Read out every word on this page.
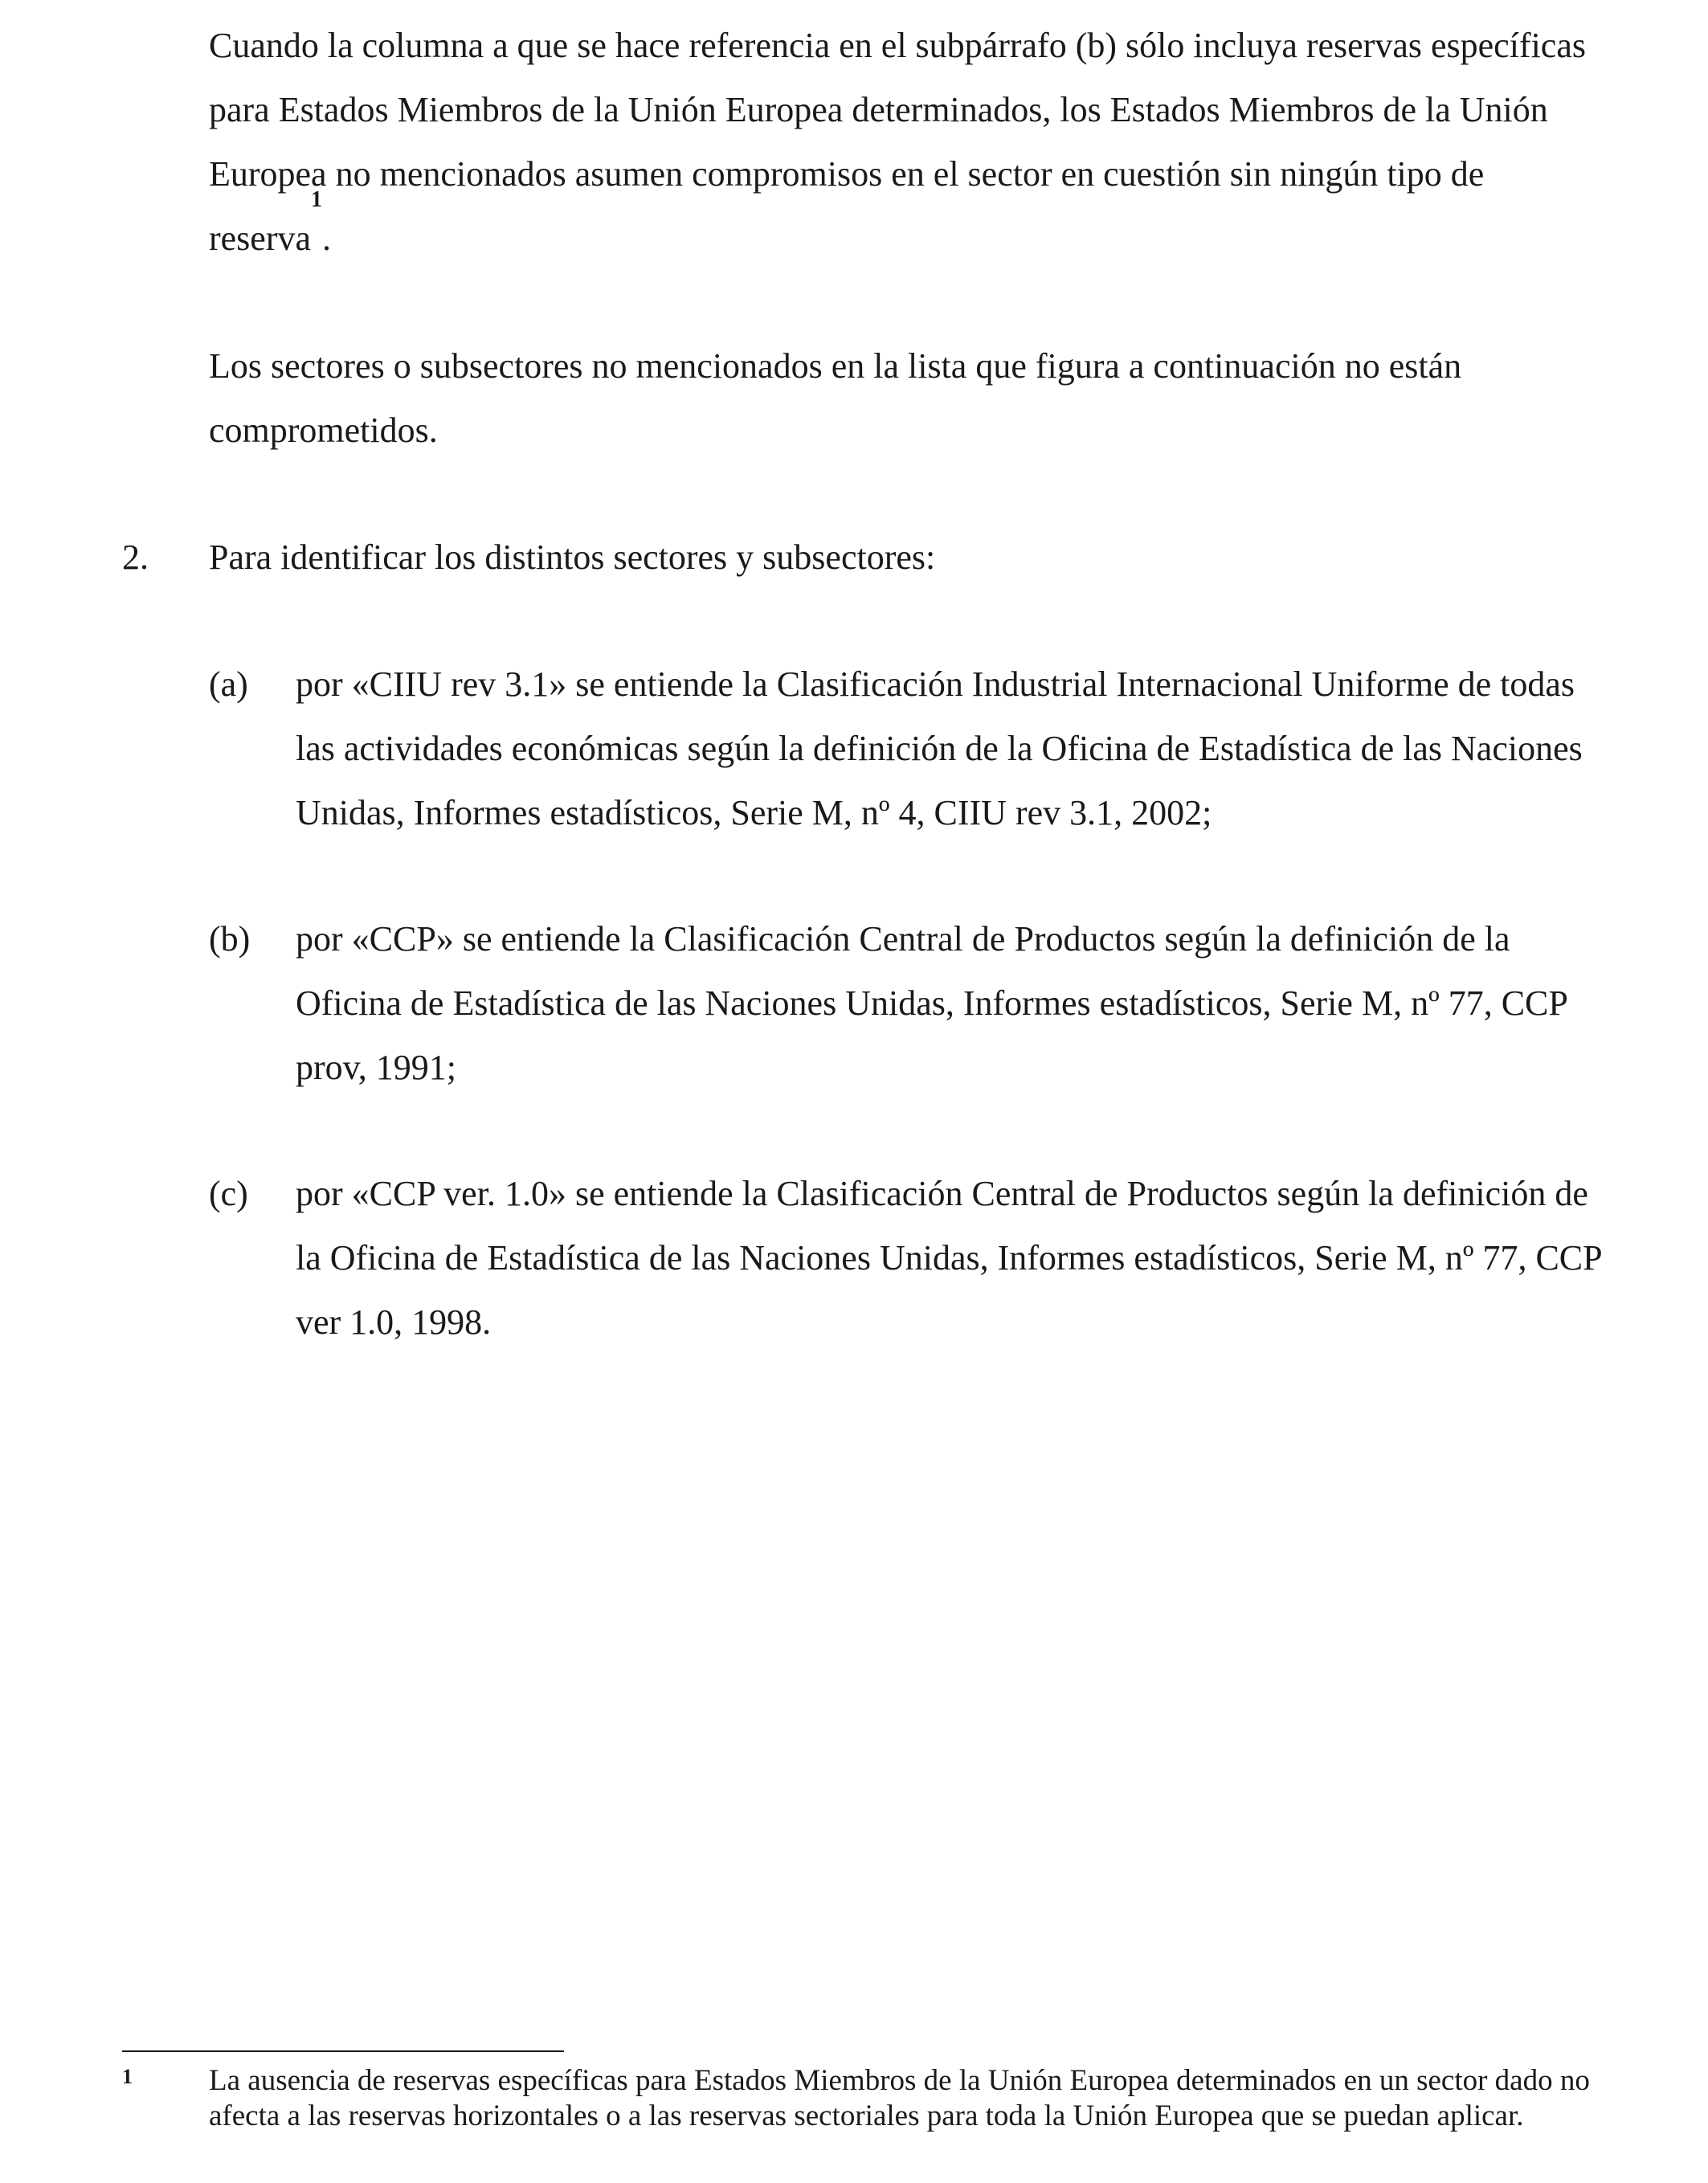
Cuando la columna a que se hace referencia en el subpárrafo (b) sólo incluya reservas específicas para Estados Miembros de la Unión Europea determinados, los Estados Miembros de la Unión Europea no mencionados asumen compromisos en el sector en cuestión sin ningún tipo de reserva$^1$.

Los sectores o subsectores no mencionados en la lista que figura a continuación no están comprometidos.

2. Para identificar los distintos sectores y subsectores:
(a) por «CIIU rev 3.1» se entiende la Clasificación Industrial Internacional Uniforme de todas las actividades económicas según la definición de la Oficina de Estadística de las Naciones Unidas, Informes estadísticos, Serie M, nº 4, CIIU rev 3.1, 2002;
(b) por «CCP» se entiende la Clasificación Central de Productos según la definición de la Oficina de Estadística de las Naciones Unidas, Informes estadísticos, Serie M, nº 77, CCP prov, 1991;
(c) por «CCP ver. 1.0» se entiende la Clasificación Central de Productos según la definición de la Oficina de Estadística de las Naciones Unidas, Informes estadísticos, Serie M, nº 77, CCP ver 1.0, 1998.
1	La ausencia de reservas específicas para Estados Miembros de la Unión Europea determinados en un sector dado no afecta a las reservas horizontales o a las reservas sectoriales para toda la Unión Europea que se puedan aplicar.
